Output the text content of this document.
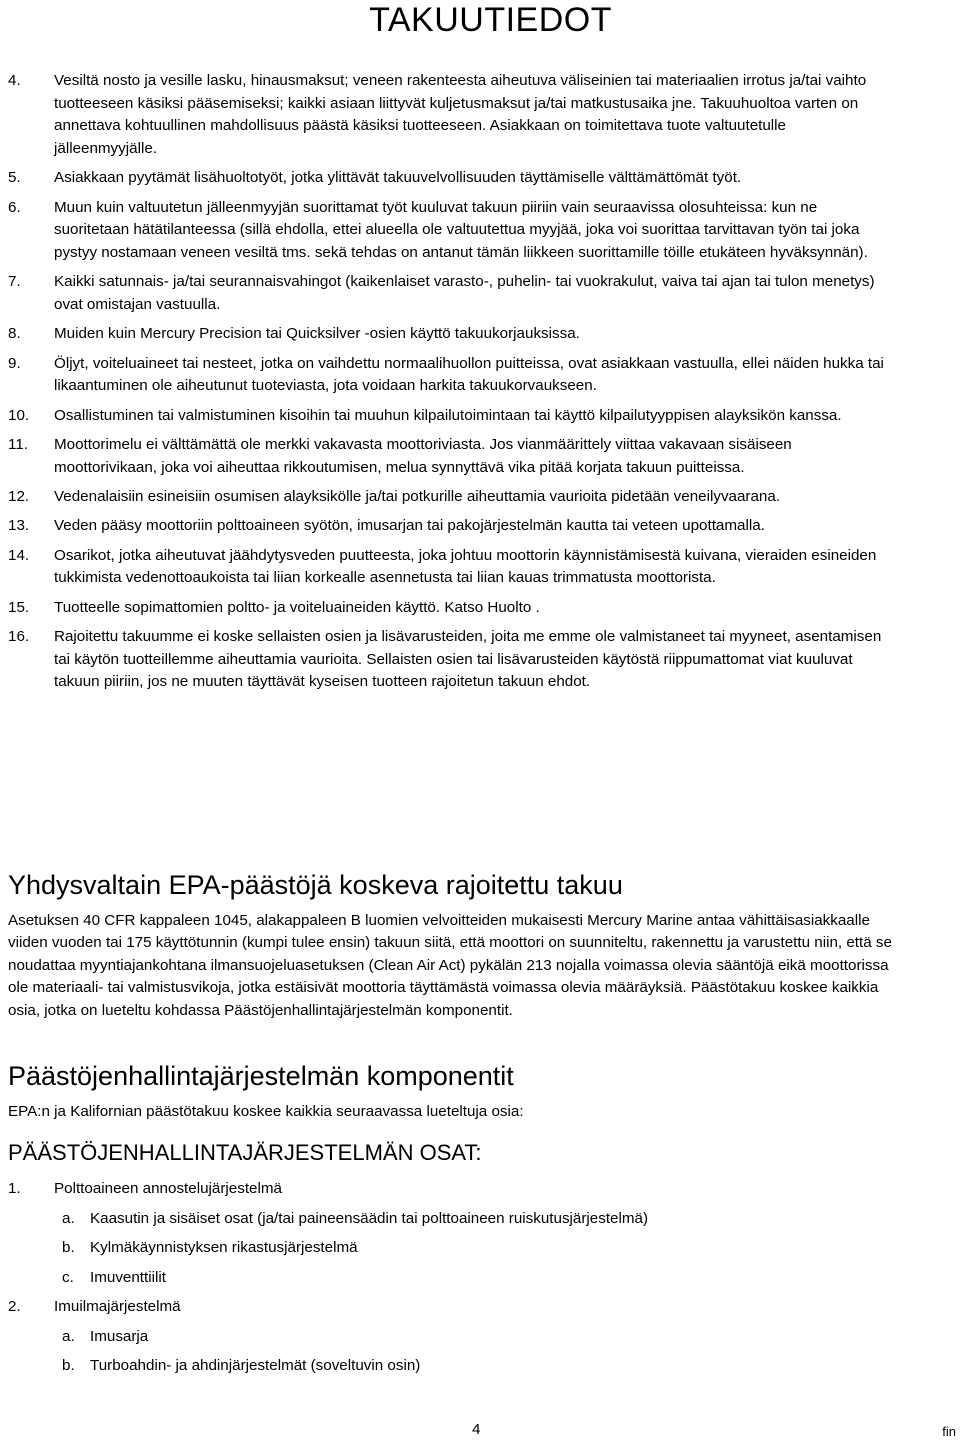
TAKUUTIEDOT
4.	Vesiltä nosto ja vesille lasku, hinausmaksut; veneen rakenteesta aiheutuva väliseinien tai materiaalien irrotus ja/tai vaihto tuotteeseen käsiksi pääsemiseksi; kaikki asiaan liittyvät kuljetusmaksut ja/tai matkustusaika jne. Takuuhuoltoa varten on annettava kohtuullinen mahdollisuus päästä käsiksi tuotteeseen. Asiakkaan on toimitettava tuote valtuutetulle jälleenmyyjälle.
5.	Asiakkaan pyytämät lisähuoltotyöt, jotka ylittävät takuuvelvollisuuden täyttämiselle välttämättömät työt.
6.	Muun kuin valtuutetun jälleenmyyjän suorittamat työt kuuluvat takuun piiriin vain seuraavissa olosuhteissa: kun ne suoritetaan hätätilanteessa (sillä ehdolla, ettei alueella ole valtuutettua myyjää, joka voi suorittaa tarvittavan työn tai joka pystyy nostamaan veneen vesiltä tms. sekä tehdas on antanut tämän liikkeen suorittamille töille etukäteen hyväksynnän).
7.	Kaikki satunnais- ja/tai seurannaisvahingot (kaikenlaiset varasto-, puhelin- tai vuokrakulut, vaiva tai ajan tai tulon menetys) ovat omistajan vastuulla.
8.	Muiden kuin Mercury Precision tai Quicksilver -osien käyttö takuukorjauksissa.
9.	Öljyt, voiteluaineet tai nesteet, jotka on vaihdettu normaalihuollon puitteissa, ovat asiakkaan vastuulla, ellei näiden hukka tai likaantuminen ole aiheutunut tuoteviasta, jota voidaan harkita takuukorvaukseen.
10.	Osallistuminen tai valmistuminen kisoihin tai muuhun kilpailutoimintaan tai käyttö kilpailutyyppisen alayksikön kanssa.
11.	Moottorimelu ei välttämättä ole merkki vakavasta moottoriviasta. Jos vianmäärittely viittaa vakavaan sisäiseen moottorivikaan, joka voi aiheuttaa rikkoutumisen, melua synnyttävä vika pitää korjata takuun puitteissa.
12.	Vedenalaisiin esineisiin osumisen alayksikölle ja/tai potkurille aiheuttamia vaurioita pidetään veneilyvaarana.
13.	Veden pääsy moottoriin polttoaineen syötön, imusarjan tai pakojärjestelmän kautta tai veteen upottamalla.
14.	Osarikot, jotka aiheutuvat jäähdytysveden puutteesta, joka johtuu moottorin käynnistämisestä kuivana, vieraiden esineiden tukkimista vedenottoaukoista tai liian korkealle asennetusta tai liian kauas trimmatusta moottorista.
15.	Tuotteelle sopimattomien poltto- ja voiteluaineiden käyttö. Katso Huolto .
16.	Rajoitettu takuumme ei koske sellaisten osien ja lisävarusteiden, joita me emme ole valmistaneet tai myyneet, asentamisen tai käytön tuotteillemme aiheuttamia vaurioita. Sellaisten osien tai lisävarusteiden käytöstä riippumattomat viat kuuluvat takuun piiriin, jos ne muuten täyttävät kyseisen tuotteen rajoitetun takuun ehdot.
Yhdysvaltain EPA-päästöjä koskeva rajoitettu takuu

Asetuksen 40 CFR kappaleen 1045, alakappaleen B luomien velvoitteiden mukaisesti Mercury Marine antaa vähittäisasiakkaalle viiden vuoden tai 175 käyttötunnin (kumpi tulee ensin) takuun siitä, että moottori on suunniteltu, rakennettu ja varustettu niin, että se noudattaa myyntiajankohtana ilmansuojeluasetuksen (Clean Air Act) pykälän 213 nojalla voimassa olevia sääntöjä eikä moottorissa ole materiaali- tai valmistusvikoja, jotka estäisivät moottoria täyttämästä voimassa olevia määräyksiä. Päästötakuu koskee kaikkia osia, jotka on lueteltu kohdassa Päästöjenhallintajärjestelmän komponentit.

Päästöjenhallintajärjestelmän komponentit

EPA:n ja Kalifornian päästötakuu koskee kaikkia seuraavassa lueteltuja osia:

PÄÄSTÖJENHALLINTAJÄRJESTELMÄN OSAT:
1.	Polttoaineen annostelujärjestelmä
a.	Kaasutin ja sisäiset osat (ja/tai paineensäädin tai polttoaineen ruiskutusjärjestelmä)
b.	Kylmäkäynnistyksen rikastusjärjestelmä
c.	Imuventtiilit
2.	Imuilmajärjestelmä
a.	Imusarja
b.	Turboahdin- ja ahdinjärjestelmät (soveltuvin osin)
4	fin
